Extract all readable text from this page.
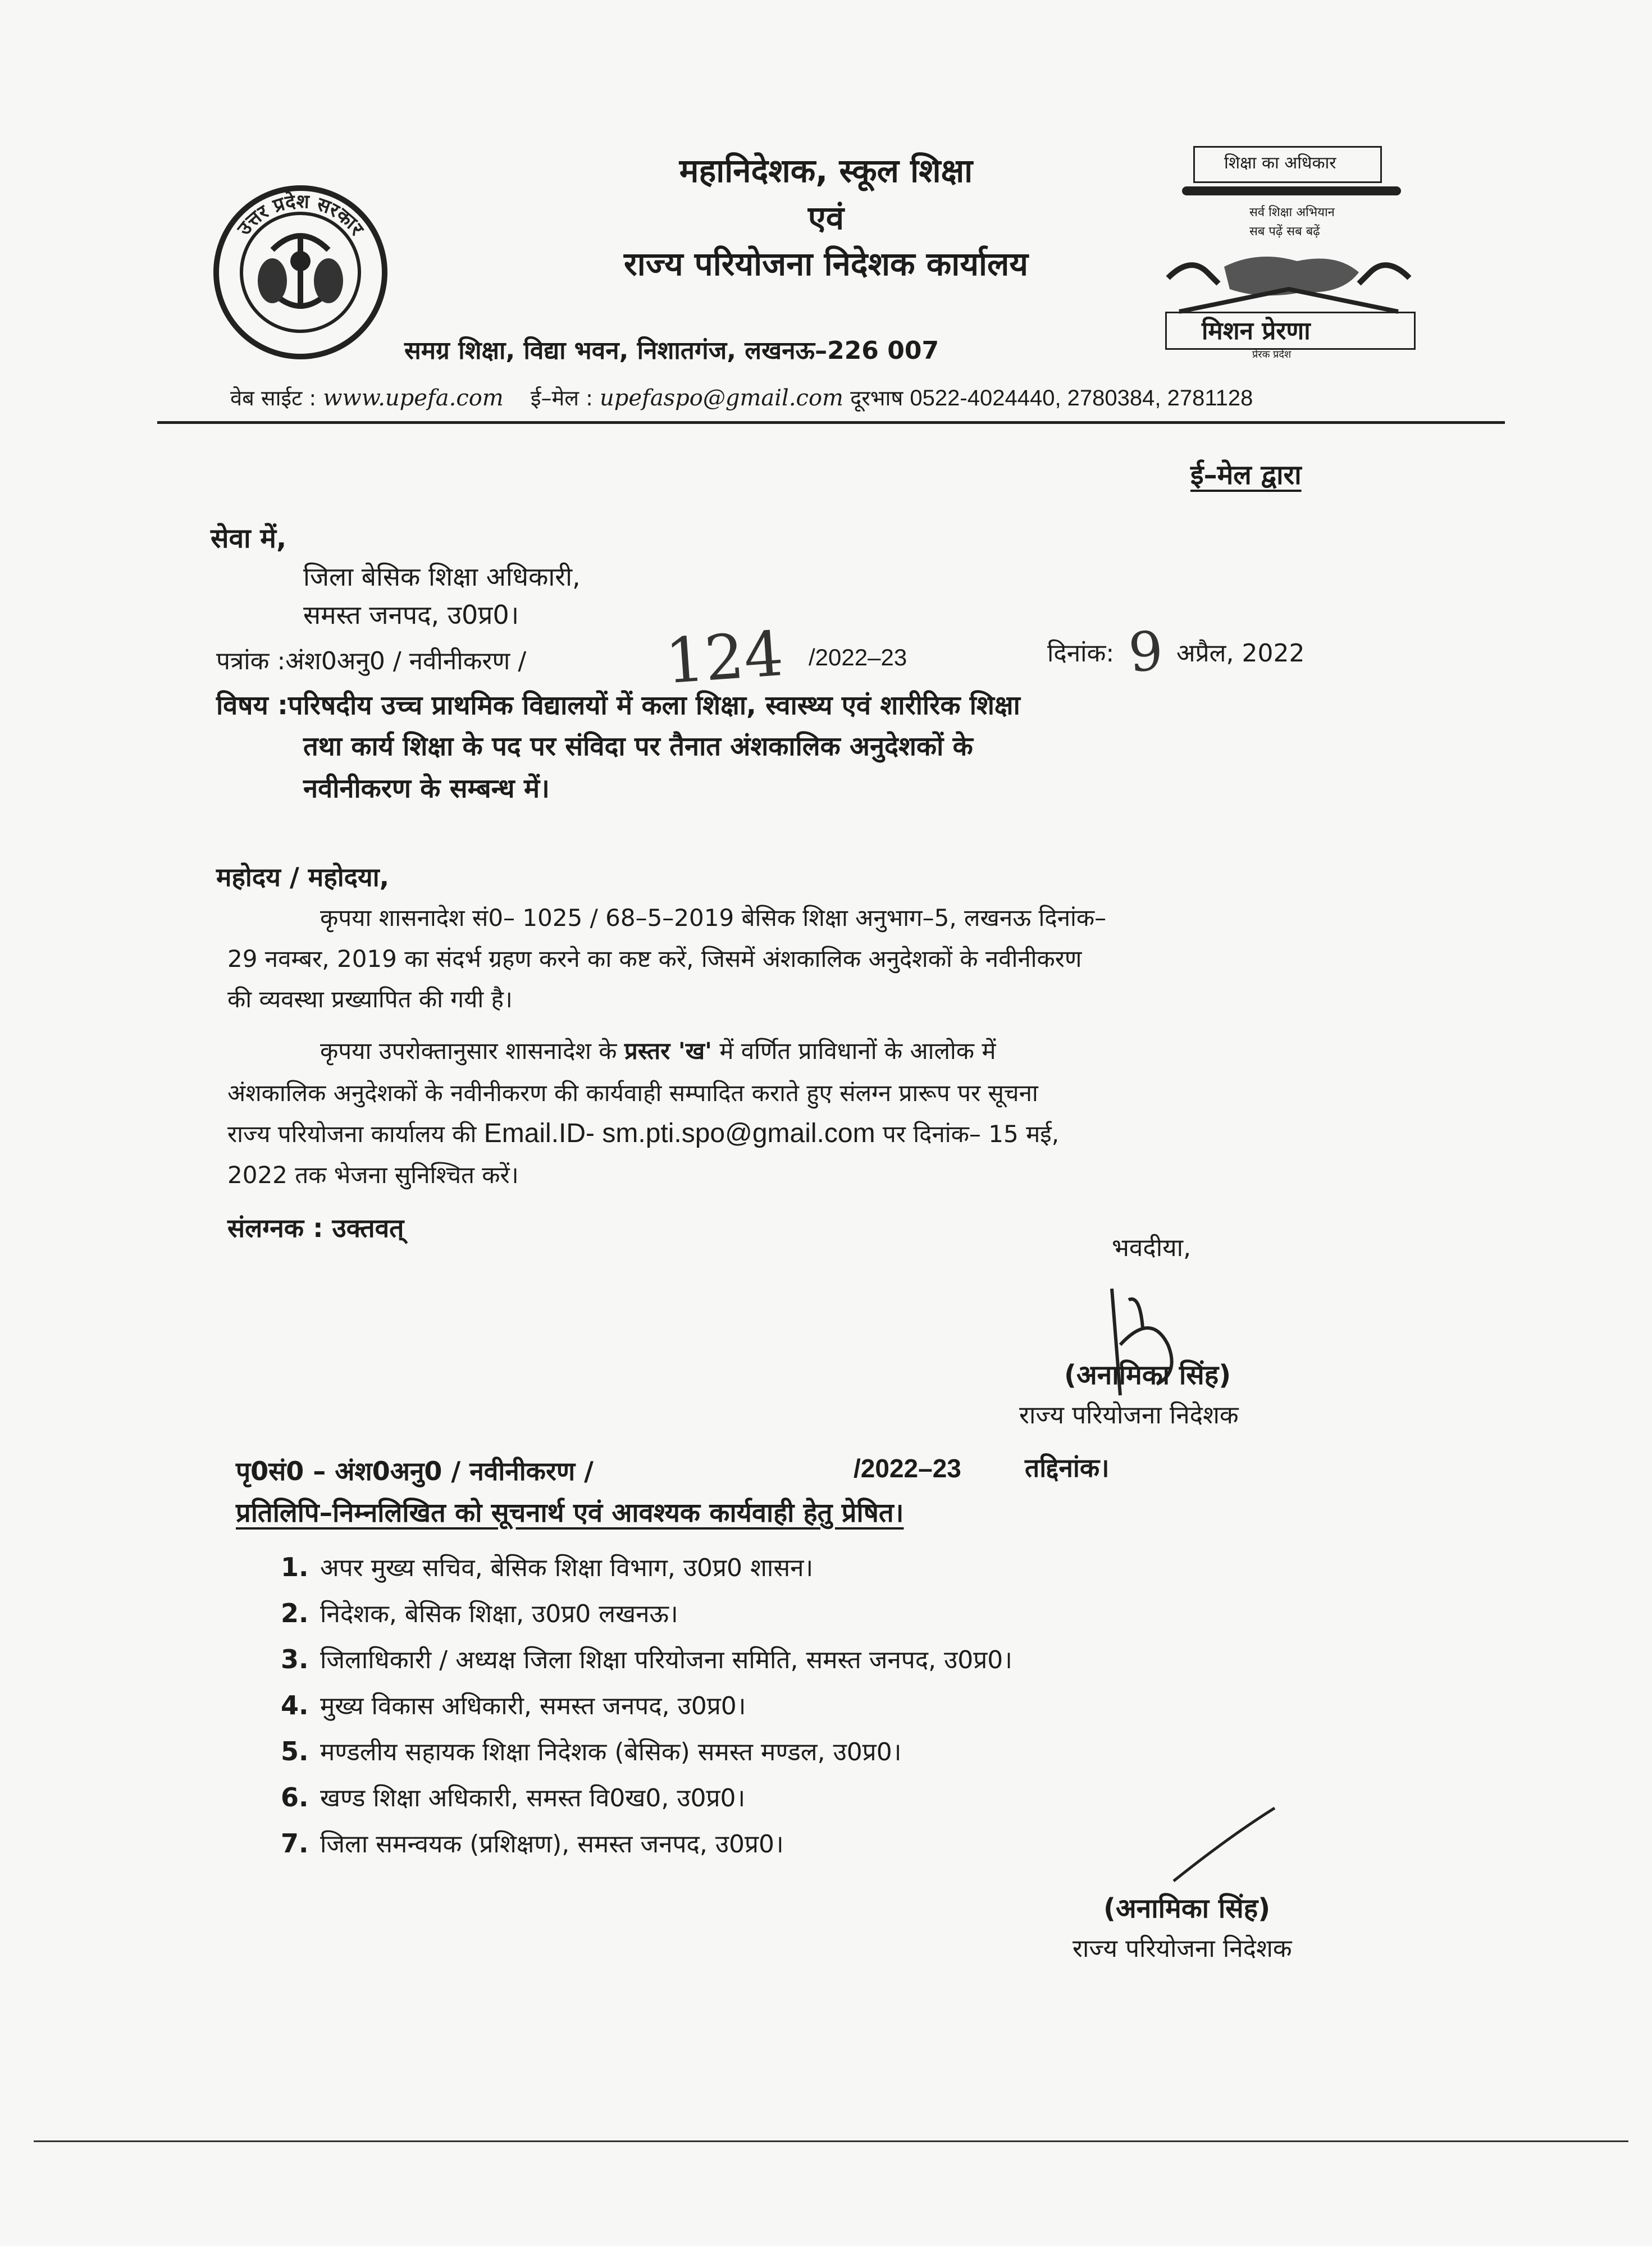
उत्तर प्रदेश सरकार
महानिदेशक, स्कूल शिक्षा
एवं
राज्य परियोजना निदेशक कार्यालय
समग्र शिक्षा, विद्या भवन, निशातगंज, लखनऊ–226 007
शिक्षा का अधिकार
सर्व शिक्षा अभियान
सब पढ़ें सब बढ़ें
मिशन प्रेरणा
प्रेरक प्रदेश
वेब साईट : www.upefa.com ई–मेल : upefaspo@gmail.com दूरभाष 0522-4024440, 2780384, 2781128
ई–मेल द्वारा
सेवा में,
जिला बेसिक शिक्षा अधिकारी,
समस्त जनपद, उ0प्र0।
पत्रांक :अंश0अनु0 / नवीनीकरण / 124 /2022–23	दिनांक: 9 अप्रैल, 2022
विषय :परिषदीय उच्च प्राथमिक विद्यालयों में कला शिक्षा, स्वास्थ्य एवं शारीरिक शिक्षा
तथा कार्य शिक्षा के पद पर संविदा पर तैनात अंशकालिक अनुदेशकों के
नवीनीकरण के सम्बन्ध में।
महोदय / महोदया,
कृपया शासनादेश सं0– 1025 / 68–5–2019 बेसिक शिक्षा अनुभाग–5, लखनऊ दिनांक–
29 नवम्बर, 2019 का संदर्भ ग्रहण करने का कष्ट करें, जिसमें अंशकालिक अनुदेशकों के नवीनीकरण
की व्यवस्था प्रख्यापित की गयी है।
कृपया उपरोक्तानुसार शासनादेश के प्रस्तर 'ख' में वर्णित प्राविधानों के आलोक में
अंशकालिक अनुदेशकों के नवीनीकरण की कार्यवाही सम्पादित कराते हुए संलग्न प्रारूप पर सूचना
राज्य परियोजना कार्यालय की Email.ID- sm.pti.spo@gmail.com पर दिनांक– 15 मई,
2022 तक भेजना सुनिश्चित करें।
संलग्नक : उक्तवत्
भवदीया,
(अनामिका सिंह)
राज्य परियोजना निदेशक
पृ0सं0 – अंश0अनु0 / नवीनीकरण /	/2022–23 तद्दिनांक।
प्रतिलिपि–निम्नलिखित को सूचनार्थ एवं आवश्यक कार्यवाही हेतु प्रेषित।
1. अपर मुख्य सचिव, बेसिक शिक्षा विभाग, उ0प्र0 शासन।
2. निदेशक, बेसिक शिक्षा, उ0प्र0 लखनऊ।
3. जिलाधिकारी / अध्यक्ष जिला शिक्षा परियोजना समिति, समस्त जनपद, उ0प्र0।
4. मुख्य विकास अधिकारी, समस्त जनपद, उ0प्र0।
5. मण्डलीय सहायक शिक्षा निदेशक (बेसिक) समस्त मण्डल, उ0प्र0।
6. खण्ड शिक्षा अधिकारी, समस्त वि0ख0, उ0प्र0।
7. जिला समन्वयक (प्रशिक्षण), समस्त जनपद, उ0प्र0।
(अनामिका सिंह)
राज्य परियोजना निदेशक
